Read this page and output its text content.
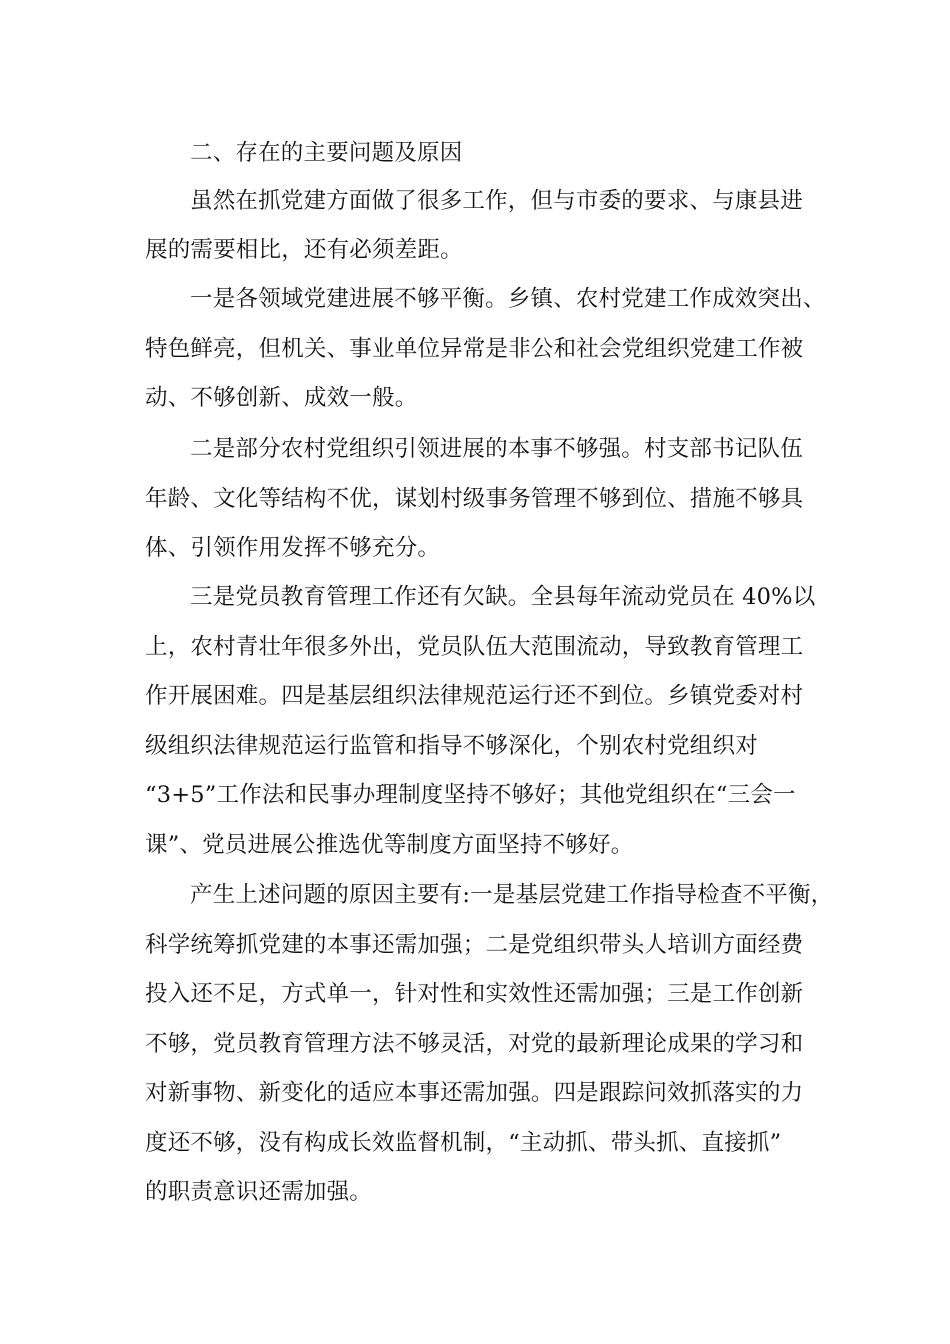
二、存在的主要问题及原因
虽然在抓党建方面做了很多工作，但与市委的要求、与康县进
展的需要相比，还有必须差距。
一是各领域党建进展不够平衡。乡镇、农村党建工作成效突出、
特色鲜亮，但机关、事业单位异常是非公和社会党组织党建工作被
动、不够创新、成效一般。
二是部分农村党组织引领进展的本事不够强。村支部书记队伍
年龄、文化等结构不优，谋划村级事务管理不够到位、措施不够具
体、引领作用发挥不够充分。
三是党员教育管理工作还有欠缺。全县每年流动党员在 40%以
上，农村青壮年很多外出，党员队伍大范围流动，导致教育管理工
作开展困难。四是基层组织法律规范运行还不到位。乡镇党委对村
级组织法律规范运行监管和指导不够深化，个别农村党组织对
“3+5”工作法和民事办理制度坚持不够好；其他党组织在“三会一
课”、党员进展公推选优等制度方面坚持不够好。
产生上述问题的原因主要有:一是基层党建工作指导检查不平衡，
科学统筹抓党建的本事还需加强；二是党组织带头人培训方面经费
投入还不足，方式单一，针对性和实效性还需加强；三是工作创新
不够，党员教育管理方法不够灵活，对党的最新理论成果的学习和
对新事物、新变化的适应本事还需加强。四是跟踪问效抓落实的力
度还不够，没有构成长效监督机制，“主动抓、带头抓、直接抓”
的职责意识还需加强。
